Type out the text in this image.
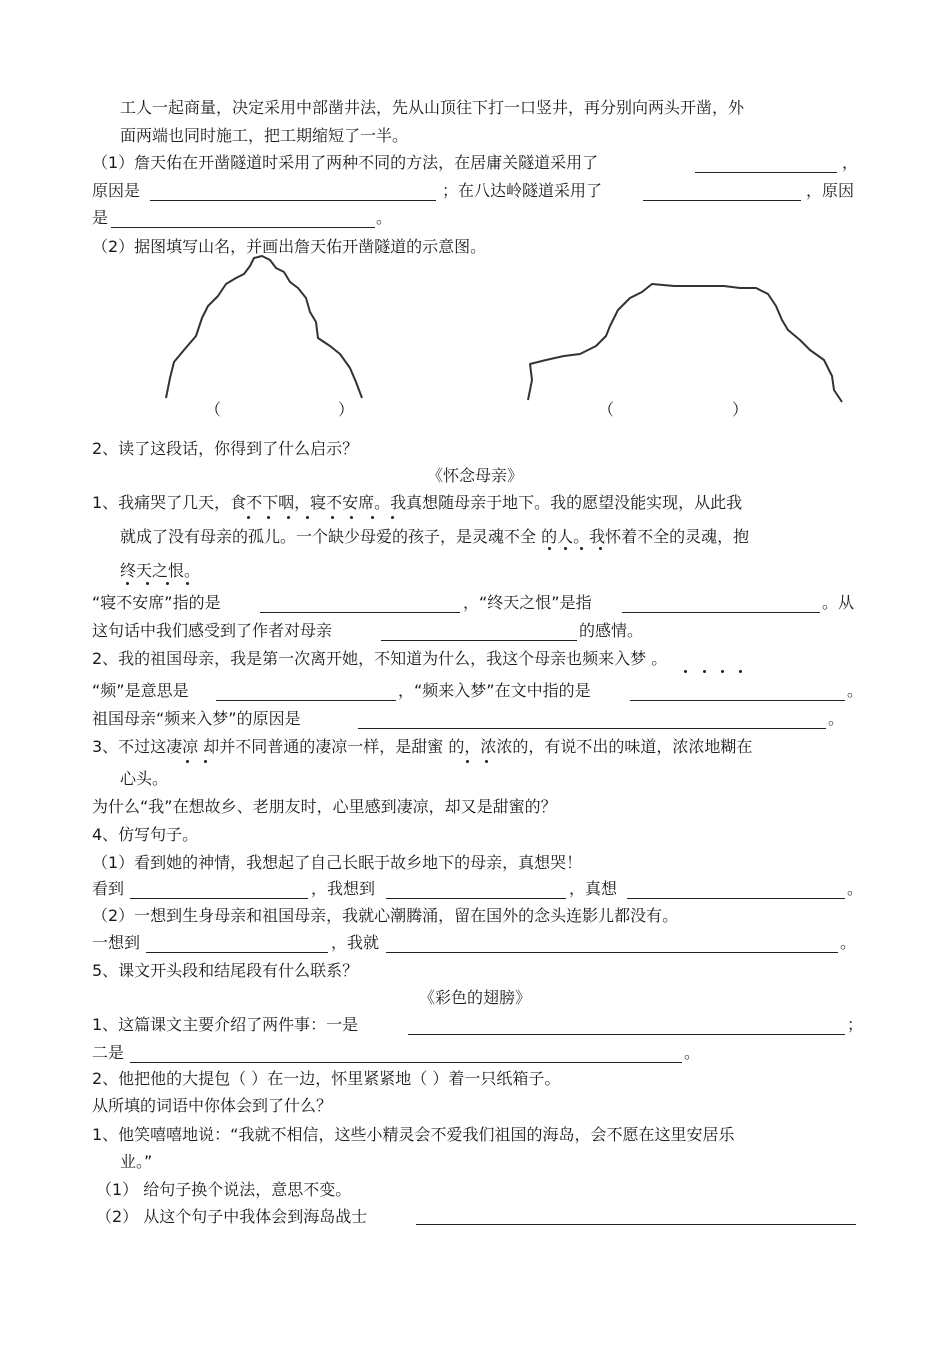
工人一起商量，决定采用中部凿井法，先从山顶往下打一口竖井，再分别向两头开凿，外
面两端也同时施工，把工期缩短了一半。
（1）詹天佑在开凿隧道时采用了两种不同的方法，在居庸关隧道采用了	，
原因是	；在八达岭隧道采用了	，原因
是	。
（2）据图填写山名，并画出詹天佑开凿隧道的示意图。
（	）	（	）
2、读了这段话，你得到了什么启示？
《怀念母亲》
1、我痛哭了几天，食不下咽，寝不安席。我真想随母亲于地下。我的愿望没能实现，从此我
就成了没有母亲的孤儿。一个缺少母爱的孩子，是灵魂不全 的人。我怀着不全的灵魂，抱
终天之恨。
“寝不安席”指的是	，“终天之恨”是指	。从
这句话中我们感受到了作者对母亲	的感情。
2、我的祖国母亲，我是第一次离开她，不知道为什么，我这个母亲也频来入梦 。
“频”是意思是	，“频来入梦”在文中指的是	。
祖国母亲“频来入梦”的原因是	。
3、不过这凄凉 却并不同普通的凄凉一样，是甜蜜 的，浓浓的，有说不出的味道，浓浓地糊在
心头。
为什么“我”在想故乡、老朋友时，心里感到凄凉，却又是甜蜜的？
4、仿写句子。
（1）看到她的神情，我想起了自己长眠于故乡地下的母亲，真想哭！
看到	，我想到	，真想	。
（2）一想到生身母亲和祖国母亲，我就心潮腾涌，留在国外的念头连影儿都没有。
一想到	，我就	。
5、课文开头段和结尾段有什么联系？
《彩色的翅膀》
1、这篇课文主要介绍了两件事：一是	；
二是	。
2、他把他的大提包（ ）在一边，怀里紧紧地（ ）着一只纸箱子。
从所填的词语中你体会到了什么？
1、他笑嘻嘻地说：“我就不相信，这些小精灵会不爱我们祖国的海岛，会不愿在这里安居乐
业。”
（1） 给句子换个说法，意思不变。
（2） 从这个句子中我体会到海岛战士
